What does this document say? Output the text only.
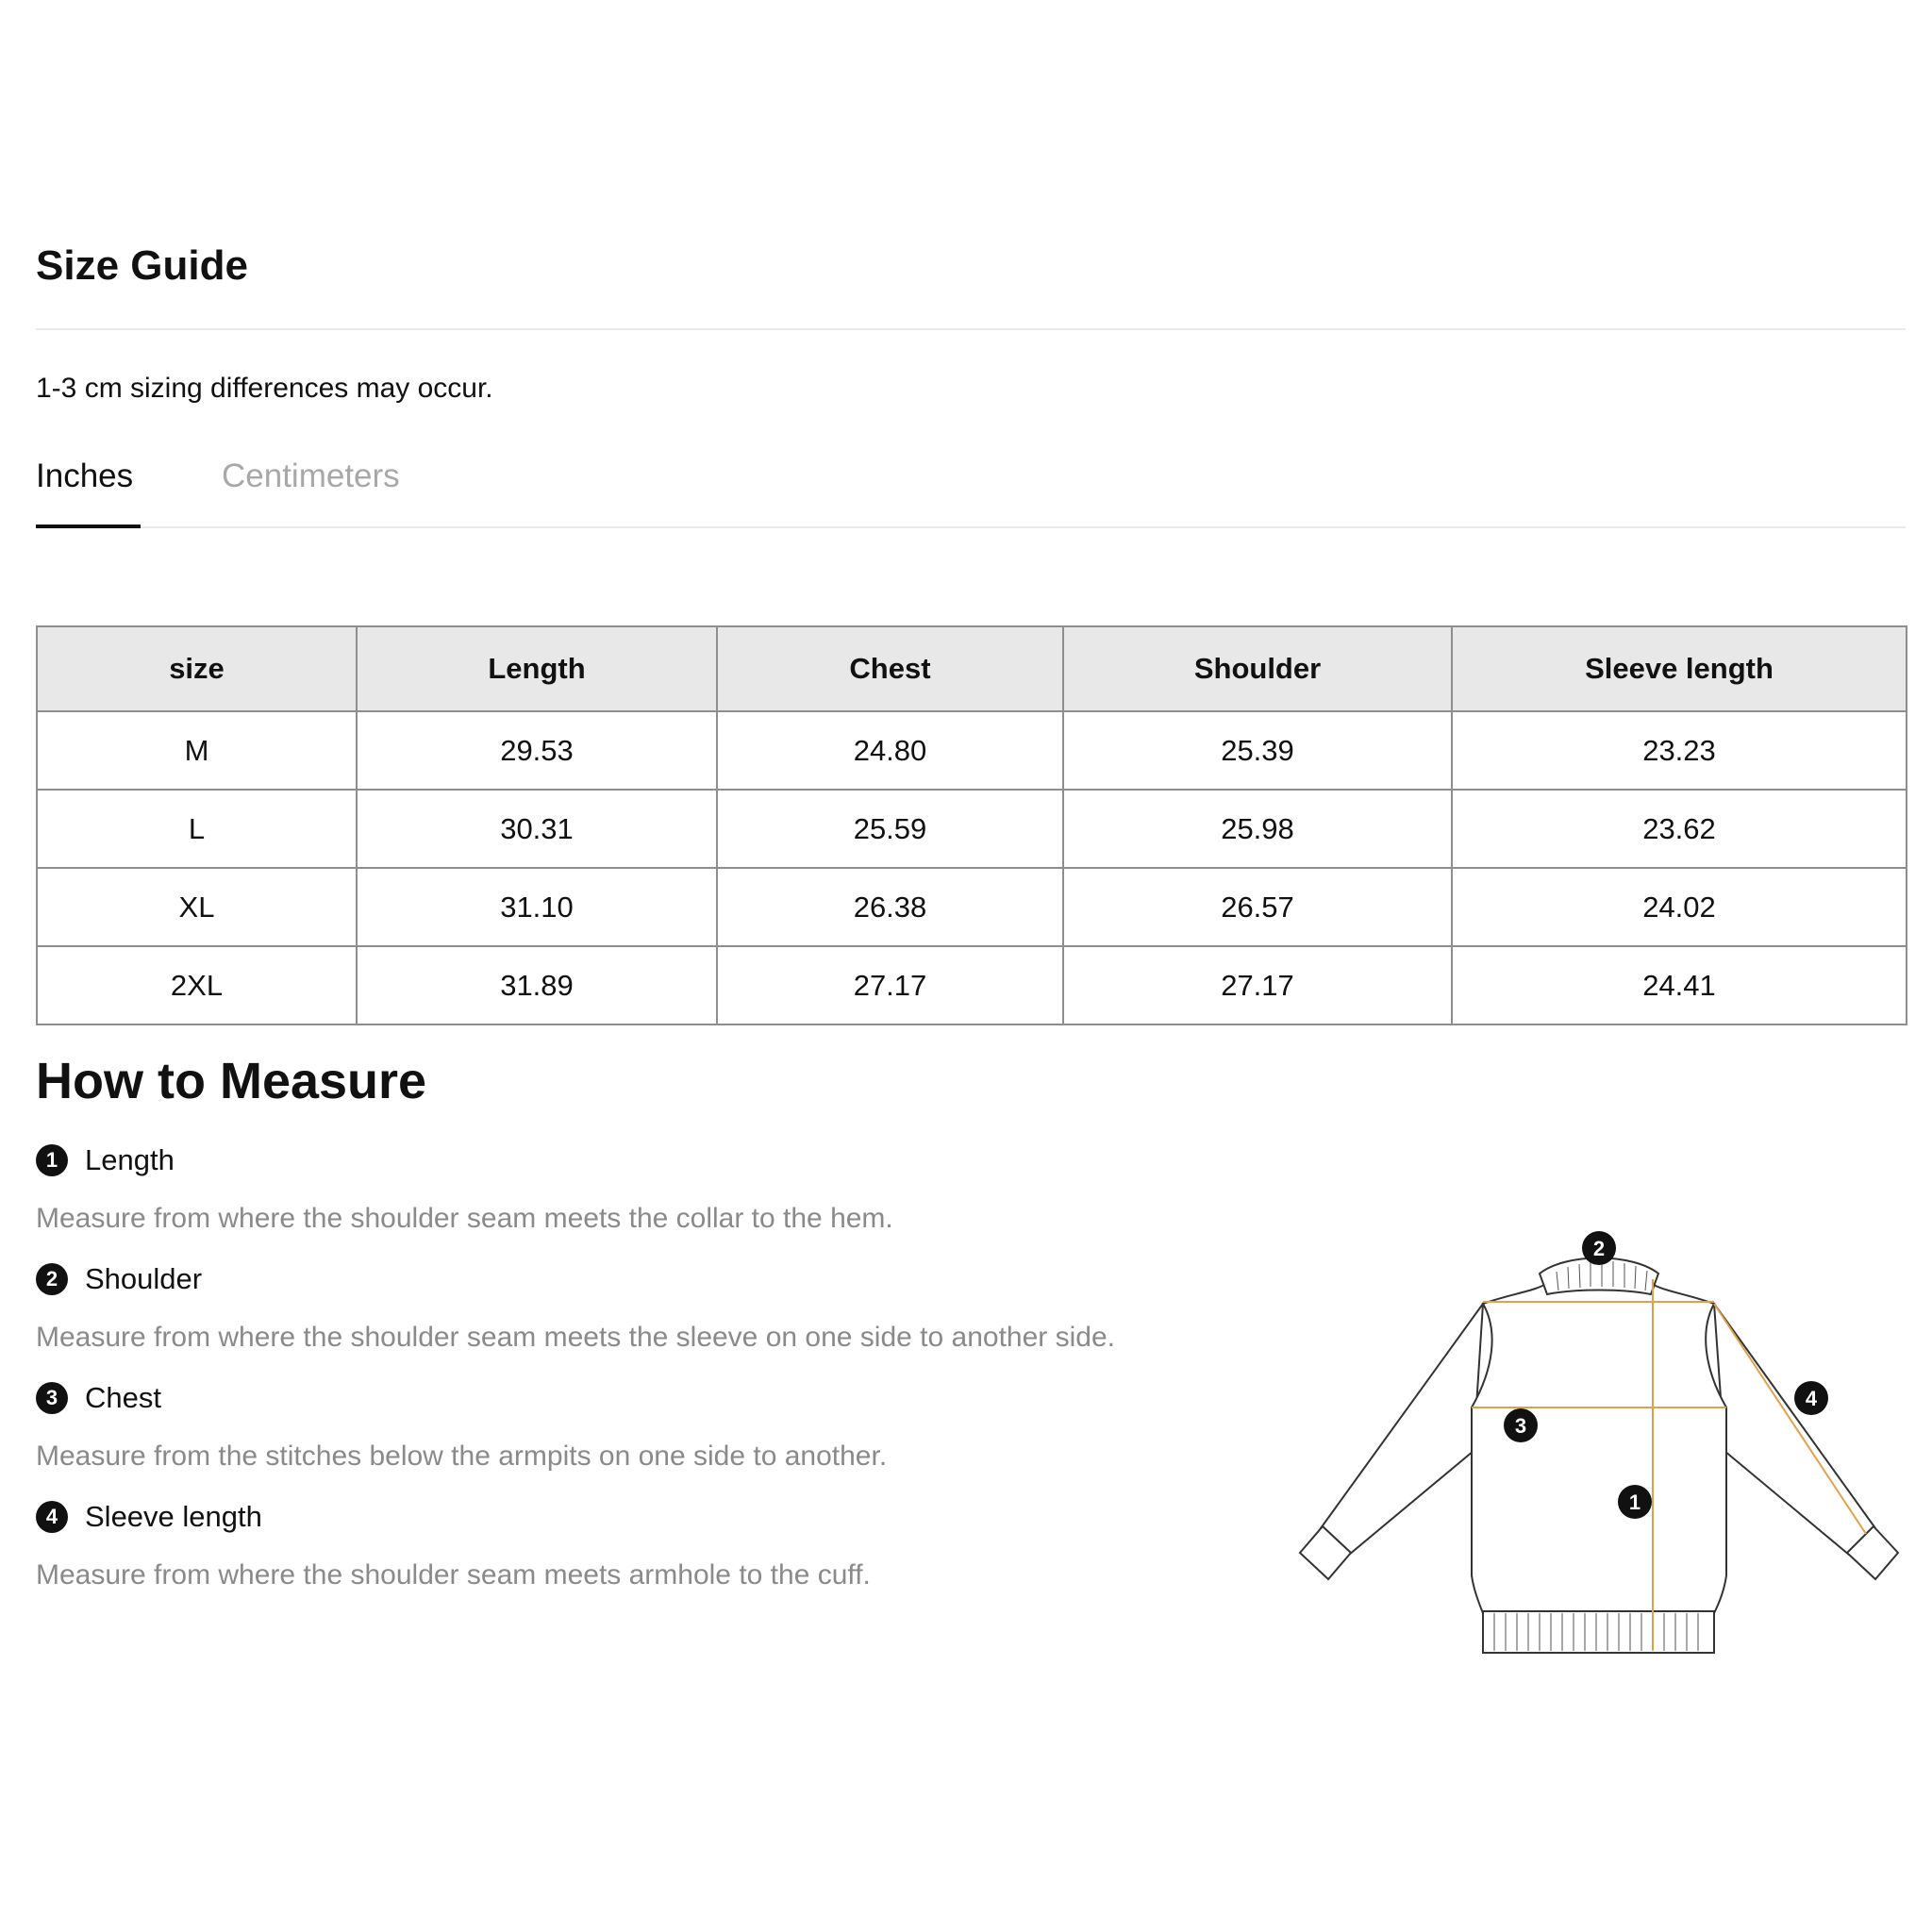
Size Guide
1-3 cm sizing differences may occur.
Inches	Centimeters
size	Length	Chest	Shoulder	Sleeve length
M	29.53	24.80	25.39	23.23
L	30.31	25.59	25.98	23.62
XL	31.10	26.38	26.57	24.02
2XL	31.89	27.17	27.17	24.41
How to Measure
1 Length
Measure from where the shoulder seam meets the collar to the hem.
2 Shoulder
Measure from where the shoulder seam meets the sleeve on one side to another side.
3 Chest
Measure from the stitches below the armpits on one side to another.
4 Sleeve length
Measure from where the shoulder seam meets armhole to the cuff.
1
2
3
4
